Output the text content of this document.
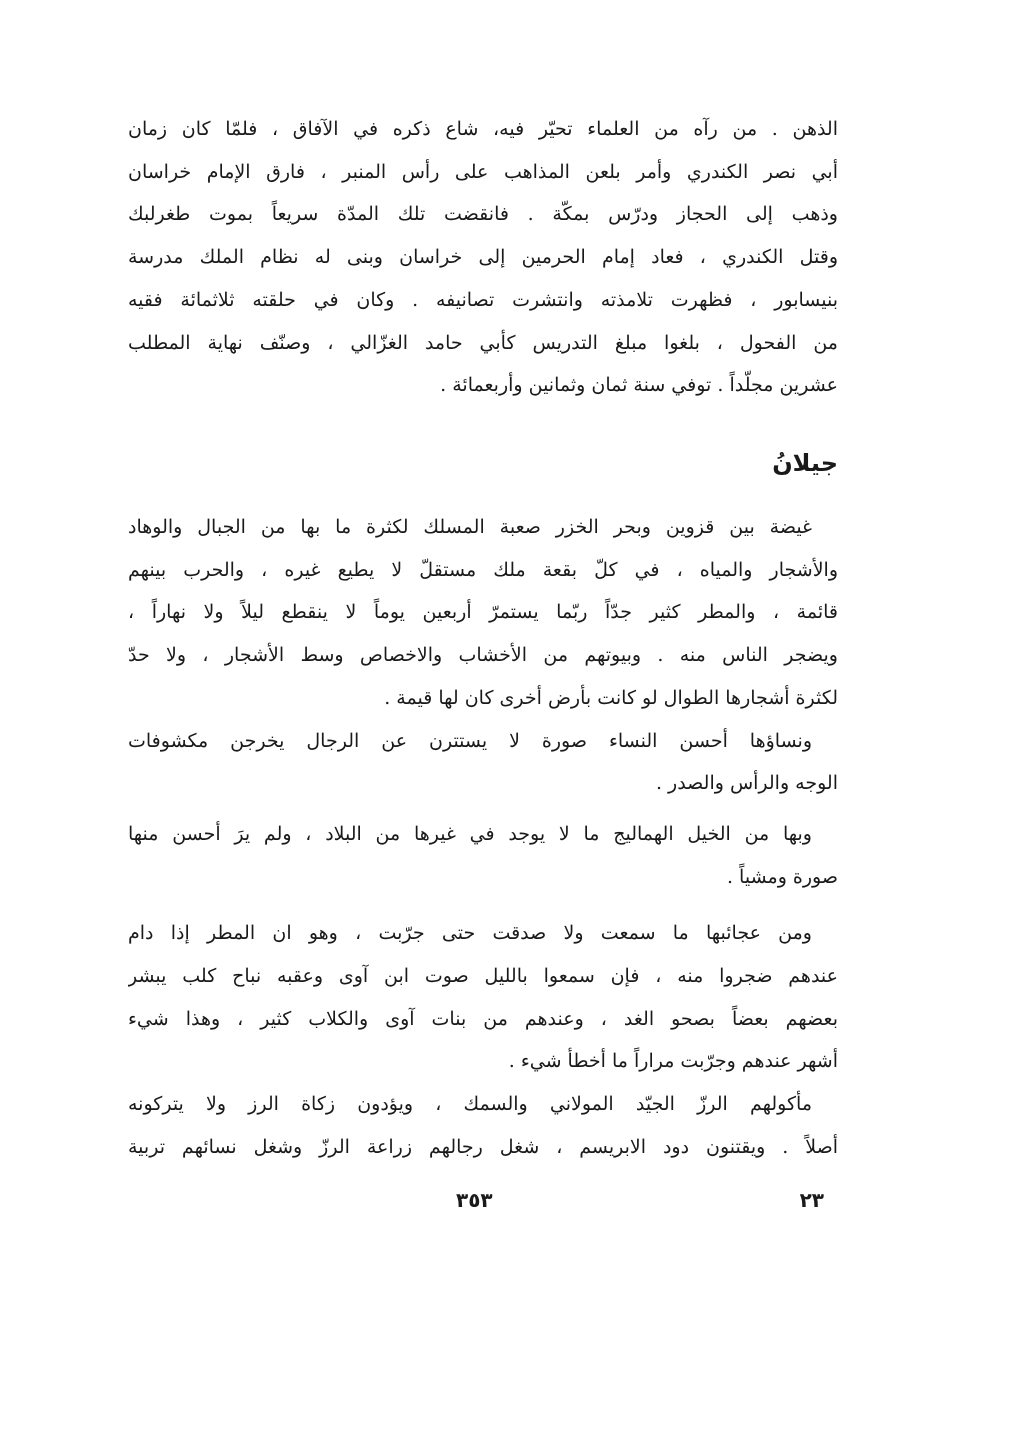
الذهن . من رآه من العلماء تحيّر فيه، شاع ذكره في الآفاق ، فلمّا كان زمان
أبي نصر الكندري وأمر بلعن المذاهب على رأس المنبر ، فارق الإمام خراسان
وذهب إلى الحجاز ودرّس بمكّة . فانقضت تلك المدّة سريعاً بموت طغرلبك
وقتل الكندري ، فعاد إمام الحرمين إلى خراسان وبنى له نظام الملك مدرسة
بنيسابور ، فظهرت تلامذته وانتشرت تصانيفه . وكان في حلقته ثلاثمائة فقيه
من الفحول ، بلغوا مبلغ التدريس كأبي حامد الغزّالي ، وصنّف نهاية المطلب
عشرين مجلّداً . توفي سنة ثمان وثمانين وأربعمائة .

جيلانُ

غيضة بين قزوين وبحر الخزر صعبة المسلك لكثرة ما بها من الجبال والوهاد
والأشجار والمياه ، في كلّ بقعة ملك مستقلّ لا يطيع غيره ، والحرب بينهم
قائمة ، والمطر كثير جدّاً ربّما يستمرّ أربعين يوماً لا ينقطع ليلاً ولا نهاراً ،
ويضجر الناس منه . وبيوتهم من الأخشاب والاخصاص وسط الأشجار ، ولا حدّ
لكثرة أشجارها الطوال لو كانت بأرض أخرى كان لها قيمة .

ونساؤها أحسن النساء صورة لا يستترن عن الرجال يخرجن مكشوفات
الوجه والرأس والصدر .

وبها من الخيل الهماليج ما لا يوجد في غيرها من البلاد ، ولم يرَ أحسن منها
صورة ومشياً .

ومن عجائبها ما سمعت ولا صدقت حتى جرّبت ، وهو ان المطر إذا دام
عندهم ضجروا منه ، فإن سمعوا بالليل صوت ابن آوى وعقبه نباح كلب يبشر
بعضهم بعضاً بصحو الغد ، وعندهم من بنات آوى والكلاب كثير ، وهذا شيء
أشهر عندهم وجرّبت مراراً ما أخطأ شيء .

مأكولهم الرزّ الجيّد المولاني والسمك ، ويؤدون زكاة الرز ولا يتركونه
أصلاً . ويقتنون دود الابريسم ، شغل رجالهم زراعة الرزّ وشغل نسائهم تربية

٣٥٣	٢٣
